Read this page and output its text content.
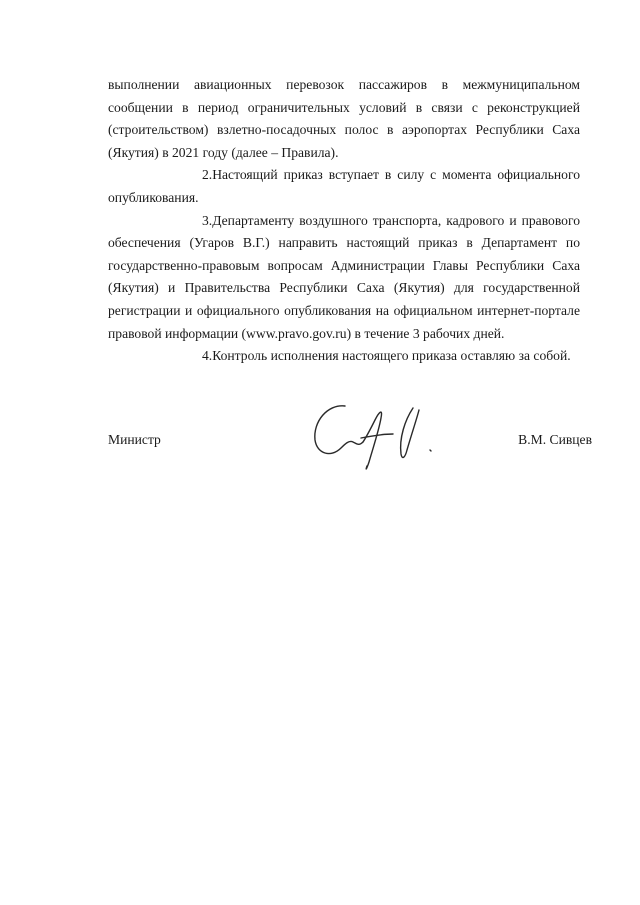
выполнении авиационных перевозок пассажиров в межмуниципальном сообщении в период ограничительных условий в связи с реконструкцией (строительством) взлетно-посадочных полос в аэропортах Республики Саха (Якутия) в 2021 году (далее – Правила).

2.Настоящий приказ вступает в силу с момента официального опубликования.

3.Департаменту воздушного транспорта, кадрового и правового обеспечения (Угаров В.Г.) направить настоящий приказ в Департамент по государственно-правовым вопросам Администрации Главы Республики Саха (Якутия) и Правительства Республики Саха (Якутия) для государственной регистрации и официального опубликования на официальном интернет-портале правовой информации (www.pravo.gov.ru) в течение 3 рабочих дней.

4.Контроль исполнения настоящего приказа оставляю за собой.

Министр	В.М. Сивцев
